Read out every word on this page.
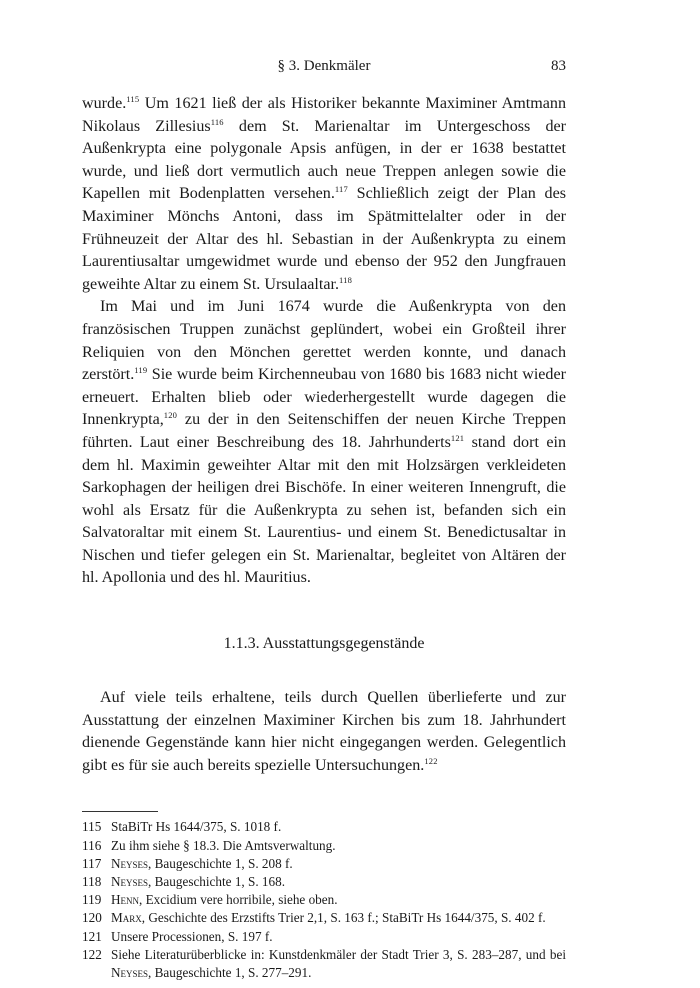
§ 3. Denkmäler	83

wurde.$^{115}$ Um 1621 ließ der als Historiker bekannte Maximiner Amtmann Nikolaus Zillesius$^{116}$ dem St. Marienaltar im Untergeschoss der Außenkrypta eine polygonale Apsis anfügen, in der er 1638 bestattet wurde, und ließ dort vermutlich auch neue Treppen anlegen sowie die Kapellen mit Bodenplatten versehen.$^{117}$ Schließlich zeigt der Plan des Maximiner Mönchs Antoni, dass im Spätmittelalter oder in der Frühneuzeit der Altar des hl. Sebastian in der Außenkrypta zu einem Laurentiusaltar umgewidmet wurde und ebenso der 952 den Jungfrauen geweihte Altar zu einem St. Ursulaaltar.$^{118}$

Im Mai und im Juni 1674 wurde die Außenkrypta von den französischen Truppen zunächst geplündert, wobei ein Großteil ihrer Reliquien von den Mönchen gerettet werden konnte, und danach zerstört.$^{119}$ Sie wurde beim Kirchenneubau von 1680 bis 1683 nicht wieder erneuert. Erhalten blieb oder wiederhergestellt wurde dagegen die Innenkrypta,$^{120}$ zu der in den Seitenschiffen der neuen Kirche Treppen führten. Laut einer Beschreibung des 18. Jahrhunderts$^{121}$ stand dort ein dem hl. Maximin geweihter Altar mit den mit Holzsärgen verkleideten Sarkophagen der heiligen drei Bischöfe. In einer weiteren Innengruft, die wohl als Ersatz für die Außenkrypta zu sehen ist, befanden sich ein Salvatoraltar mit einem St. Laurentius- und einem St. Benedictusaltar in Nischen und tiefer gelegen ein St. Marienaltar, begleitet von Altären der hl. Apollonia und des hl. Mauritius.

1.1.3. Ausstattungsgegenstände

Auf viele teils erhaltene, teils durch Quellen überlieferte und zur Ausstattung der einzelnen Maximiner Kirchen bis zum 18. Jahrhundert dienende Gegenstände kann hier nicht eingegangen werden. Gelegentlich gibt es für sie auch bereits spezielle Untersuchungen.$^{122}$

115 StaBiTr Hs 1644/375, S. 1018 f.
116 Zu ihm siehe § 18.3. Die Amtsverwaltung.
117 Neyses, Baugeschichte 1, S. 208 f.
118 Neyses, Baugeschichte 1, S. 168.
119 Henn, Excidium vere horribile, siehe oben.
120 Marx, Geschichte des Erzstifts Trier 2,1, S. 163 f.; StaBiTr Hs 1644/375, S. 402 f.
121 Unsere Processionen, S. 197 f.
122 Siehe Literaturüberblicke in: Kunstdenkmäler der Stadt Trier 3, S. 283–287, und bei Neyses, Baugeschichte 1, S. 277–291.
